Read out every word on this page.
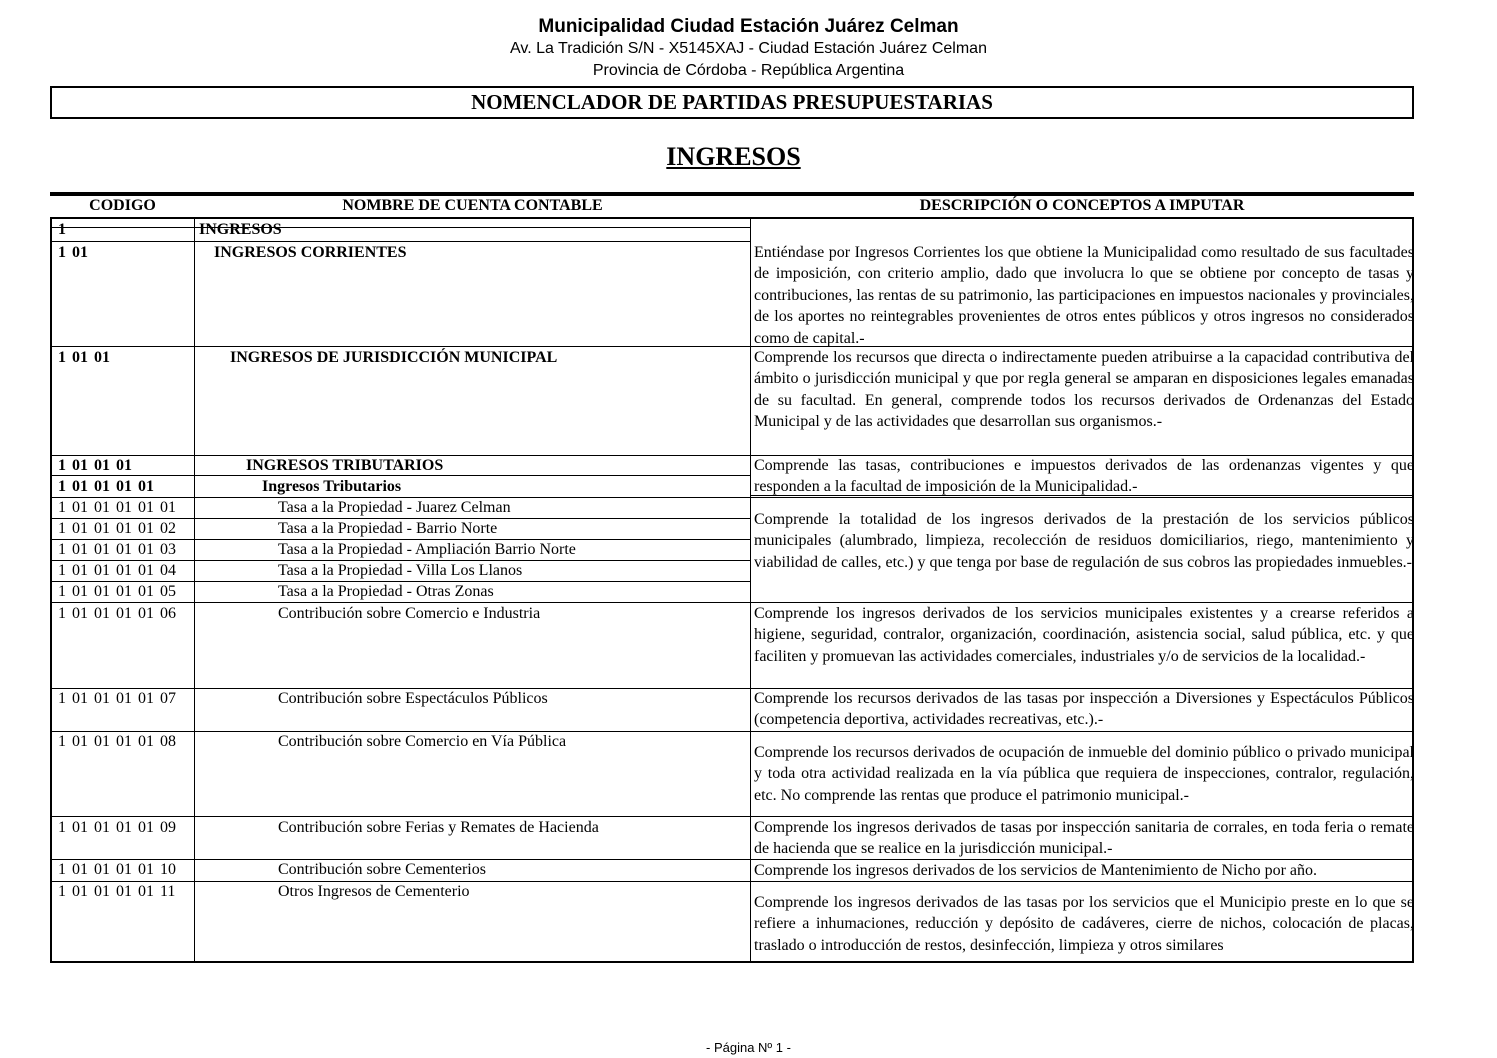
Municipalidad Ciudad Estación Juárez Celman
Av. La Tradición S/N - X5145XAJ - Ciudad Estación Juárez Celman
Provincia de Córdoba - República Argentina
NOMENCLADOR DE PARTIDAS PRESUPUESTARIAS
INGRESOS
CODIGO	NOMBRE DE CUENTA CONTABLE	DESCRIPCIÓN O CONCEPTOS A IMPUTAR
1
1 01
1 01 01
1 01 01 01
1 01 01 01 01
1 01 01 01 01 01
1 01 01 01 01 02
1 01 01 01 01 03
1 01 01 01 01 04
1 01 01 01 01 05
1 01 01 01 01 06
1 01 01 01 01 07
1 01 01 01 01 08
1 01 01 01 01 09
1 01 01 01 01 10
1 01 01 01 01 11
INGRESOS
INGRESOS CORRIENTES
INGRESOS DE JURISDICCIÓN MUNICIPAL
INGRESOS TRIBUTARIOS
Ingresos Tributarios
Tasa a la Propiedad - Juarez Celman
Tasa a la Propiedad - Barrio Norte
Tasa a la Propiedad - Ampliación Barrio Norte
Tasa a la Propiedad - Villa Los Llanos
Tasa a la Propiedad - Otras Zonas
Contribución sobre Comercio e Industria
Contribución sobre Espectáculos Públicos
Contribución sobre Comercio en Vía Pública
Contribución sobre Ferias y Remates de Hacienda
Contribución sobre Cementerios
Otros Ingresos de Cementerio
Entiéndase por Ingresos Corrientes los que obtiene la Municipalidad como resultado de sus facultades de imposición, con criterio amplio, dado que involucra lo que se obtiene por concepto de tasas y contribuciones, las rentas de su patrimonio, las participaciones en impuestos nacionales y provinciales, de los aportes no reintegrables provenientes de otros entes públicos y otros ingresos no considerados como de capital.-
Comprende los recursos que directa o indirectamente pueden atribuirse a la capacidad contributiva del ámbito o jurisdicción municipal y que por regla general se amparan en disposiciones legales emanadas de su facultad. En general, comprende todos los recursos derivados de Ordenanzas del Estado Municipal y de las actividades que desarrollan sus organismos.-
Comprende las tasas, contribuciones e impuestos derivados de las ordenanzas vigentes y que responden a la facultad de imposición de la Municipalidad.-
Comprende la totalidad de los ingresos derivados de la prestación de los servicios públicos municipales (alumbrado, limpieza, recolección de residuos domiciliarios, riego, mantenimiento y viabilidad de calles, etc.) y que tenga por base de regulación de sus cobros las propiedades inmuebles.-
Comprende los ingresos derivados de los servicios municipales existentes y a crearse referidos a higiene, seguridad, contralor, organización, coordinación, asistencia social, salud pública, etc. y que faciliten y promuevan las actividades comerciales, industriales y/o de servicios de la localidad.-
Comprende los recursos derivados de las tasas por inspección a Diversiones y Espectáculos Públicos (competencia deportiva, actividades recreativas, etc.).-
Comprende los recursos derivados de ocupación de inmueble del dominio público o privado municipal y toda otra actividad realizada en la vía pública que requiera de inspecciones, contralor, regulación, etc. No comprende las rentas que produce el patrimonio municipal.-
Comprende los ingresos derivados de tasas por inspección sanitaria de corrales, en toda feria o remate de hacienda que se realice en la jurisdicción municipal.-
Comprende los ingresos derivados de los servicios de Mantenimiento de Nicho por año.
Comprende los ingresos derivados de las tasas por los servicios que el Municipio preste en lo que se refiere a inhumaciones, reducción y depósito de cadáveres, cierre de nichos, colocación de placas, traslado o introducción de restos, desinfección, limpieza y otros similares
- Página Nº 1 -
